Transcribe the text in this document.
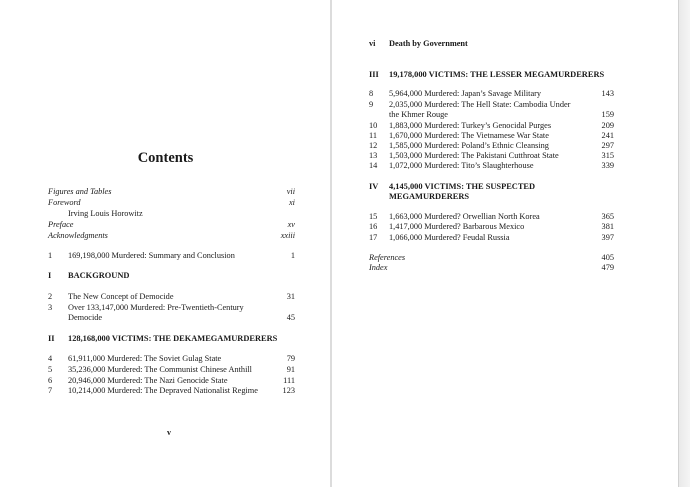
Contents
Figures and Tables	vii
Foreword	xi
Irving Louis Horowitz
Preface	xv
Acknowledgments	xxiii
1	169,198,000 Murdered: Summary and Conclusion	1
I	BACKGROUND
2	The New Concept of Democide	31
3	Over 133,147,000 Murdered: Pre-Twentieth-Century
Democide	45
II	128,168,000 VICTIMS: THE DEKAMEGAMURDERERS
4	61,911,000 Murdered: The Soviet Gulag State	79
5	35,236,000 Murdered: The Communist Chinese Anthill	91
6	20,946,000 Murdered: The Nazi Genocide State	111
7	10,214,000 Murdered: The Depraved Nationalist Regime	123
v
vi Death by Government
III	19,178,000 VICTIMS: THE LESSER MEGAMURDERERS
8	5,964,000 Murdered: Japan’s Savage Military	143
9	2,035,000 Murdered: The Hell State: Cambodia Under
the Khmer Rouge	159
10	1,883,000 Murdered: Turkey’s Genocidal Purges	209
11	1,670,000 Murdered: The Vietnamese War State	241
12	1,585,000 Murdered: Poland’s Ethnic Cleansing	297
13	1,503,000 Murdered: The Pakistani Cutthroat State	315
14	1,072,000 Murdered: Tito’s Slaughterhouse	339
IV	4,145,000 VICTIMS: THE SUSPECTED
MEGAMURDERERS
15	1,663,000 Murdered? Orwellian North Korea	365
16	1,417,000 Murdered? Barbarous Mexico	381
17	1,066,000 Murdered? Feudal Russia	397
References	405
Index	479
